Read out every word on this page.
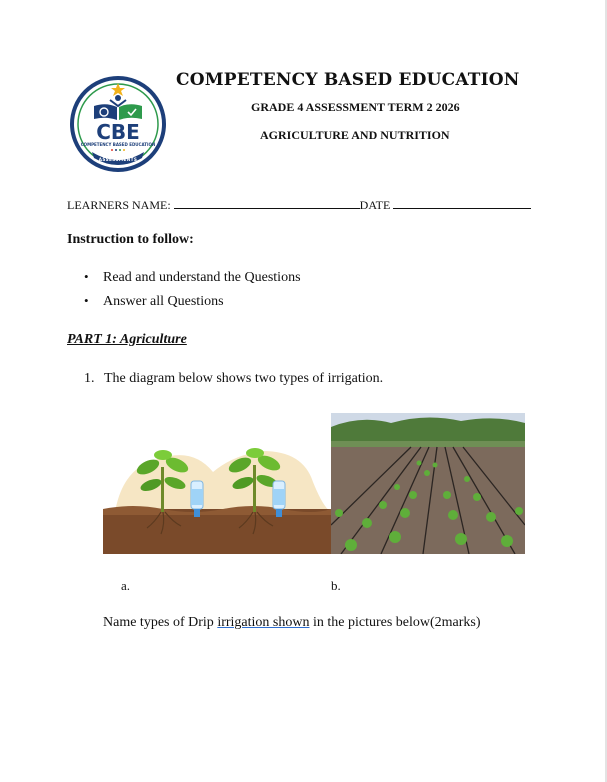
CBE
COMPETENCY BASED EDUCATION
ASSESSMENTS
COMPETENCY BASED EDUCATION
GRADE 4 ASSESSMENT TERM 2 2026
AGRICULTURE AND NUTRITION
LEARNERS NAME:	DATE
Instruction to follow:
• Read and understand the Questions
• Answer all Questions
PART 1: Agriculture
1. The diagram below shows two types of irrigation.
a.	b.
Name types of Drip irrigation shown in the pictures below(2marks)
